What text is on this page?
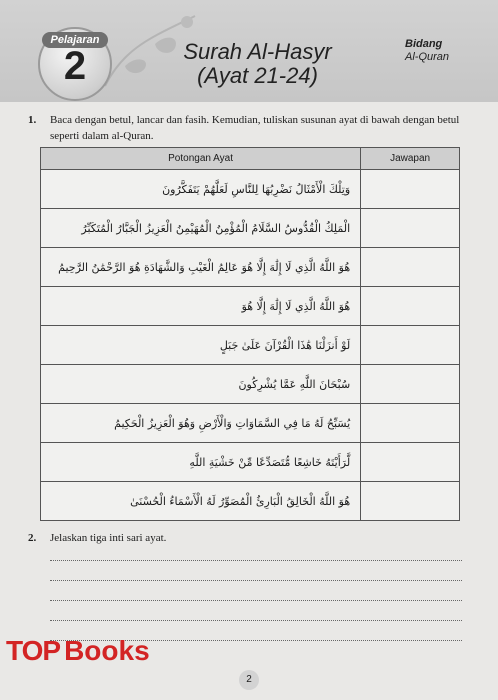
Pelajaran
2	Surah Al-Hasyr
(Ayat 21-24)
Bidang
Al-Quran
1. Baca dengan betul, lancar dan fasih. Kemudian, tuliskan susunan ayat di bawah dengan betul seperti dalam al-Quran.
Potongan Ayat	Jawapan
وَتِلْكَ الْأَمْثَالُ نَضْرِبُهَا لِلنَّاسِ لَعَلَّهُمْ يَتَفَكَّرُونَ	
الْمَلِكُ الْقُدُّوسُ السَّلَامُ الْمُؤْمِنُ الْمُهَيْمِنُ الْعَزِيزُ الْجَبَّارُ الْمُتَكَبِّرُ	
هُوَ اللَّهُ الَّذِي لَا إِلَٰهَ إِلَّا هُوَ عَالِمُ الْغَيْبِ وَالشَّهَادَةِ هُوَ الرَّحْمَٰنُ الرَّحِيمُ	
هُوَ اللَّهُ الَّذِي لَا إِلَٰهَ إِلَّا هُوَ	
لَوْ أَنزَلْنَا هَٰذَا الْقُرْآنَ عَلَىٰ جَبَلٍ	
سُبْحَانَ اللَّهِ عَمَّا يُشْرِكُونَ	
يُسَبِّحُ لَهُ مَا فِي السَّمَاوَاتِ وَالْأَرْضِ وَهُوَ الْعَزِيزُ الْحَكِيمُ	
لَّرَأَيْتَهُ خَاشِعًا مُّتَصَدِّعًا مِّنْ خَشْيَةِ اللَّهِ	
هُوَ اللَّهُ الْخَالِقُ الْبَارِئُ الْمُصَوِّرُ لَهُ الْأَسْمَاءُ الْحُسْنَىٰ	
2. Jelaskan tiga inti sari ayat.
TOP Books
2
